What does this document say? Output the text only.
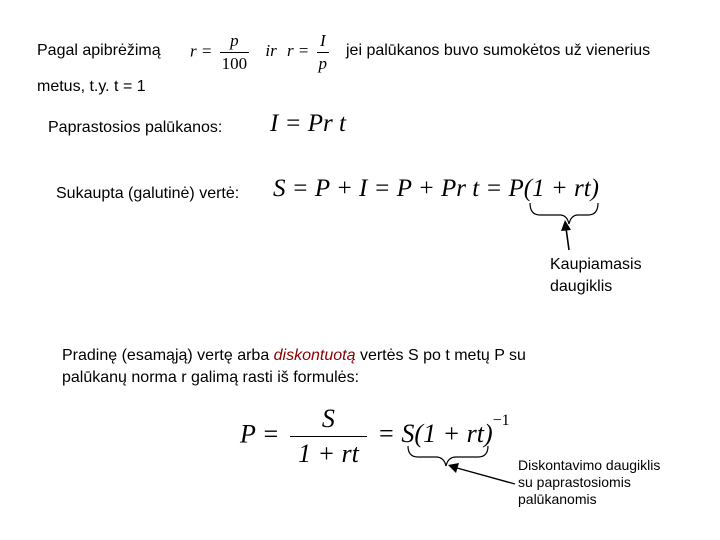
Pagal apibrėžimą $r = \frac{p}{100}$ ir $r = \frac{I}{p}$ jei palūkanos buvo sumokėtos už vienerius
metus, t.y. t = 1
Paprastosios palūkanos: I = Pr t
Sukaupta (galutinė) vertė: S = P + I = P + Pr t = P(1 + rt)
Kaupiamasis
daugiklis
Pradinę (esamąją) vertę arba diskontuotą vertės S po t metų P su
palūkanų norma r galimą rasti iš formulės:
$P = \frac{S}{1 + rt} = S(1 + rt)^{-1}$
Diskontavimo daugiklis
su paprastosiomis
palūkanomis
